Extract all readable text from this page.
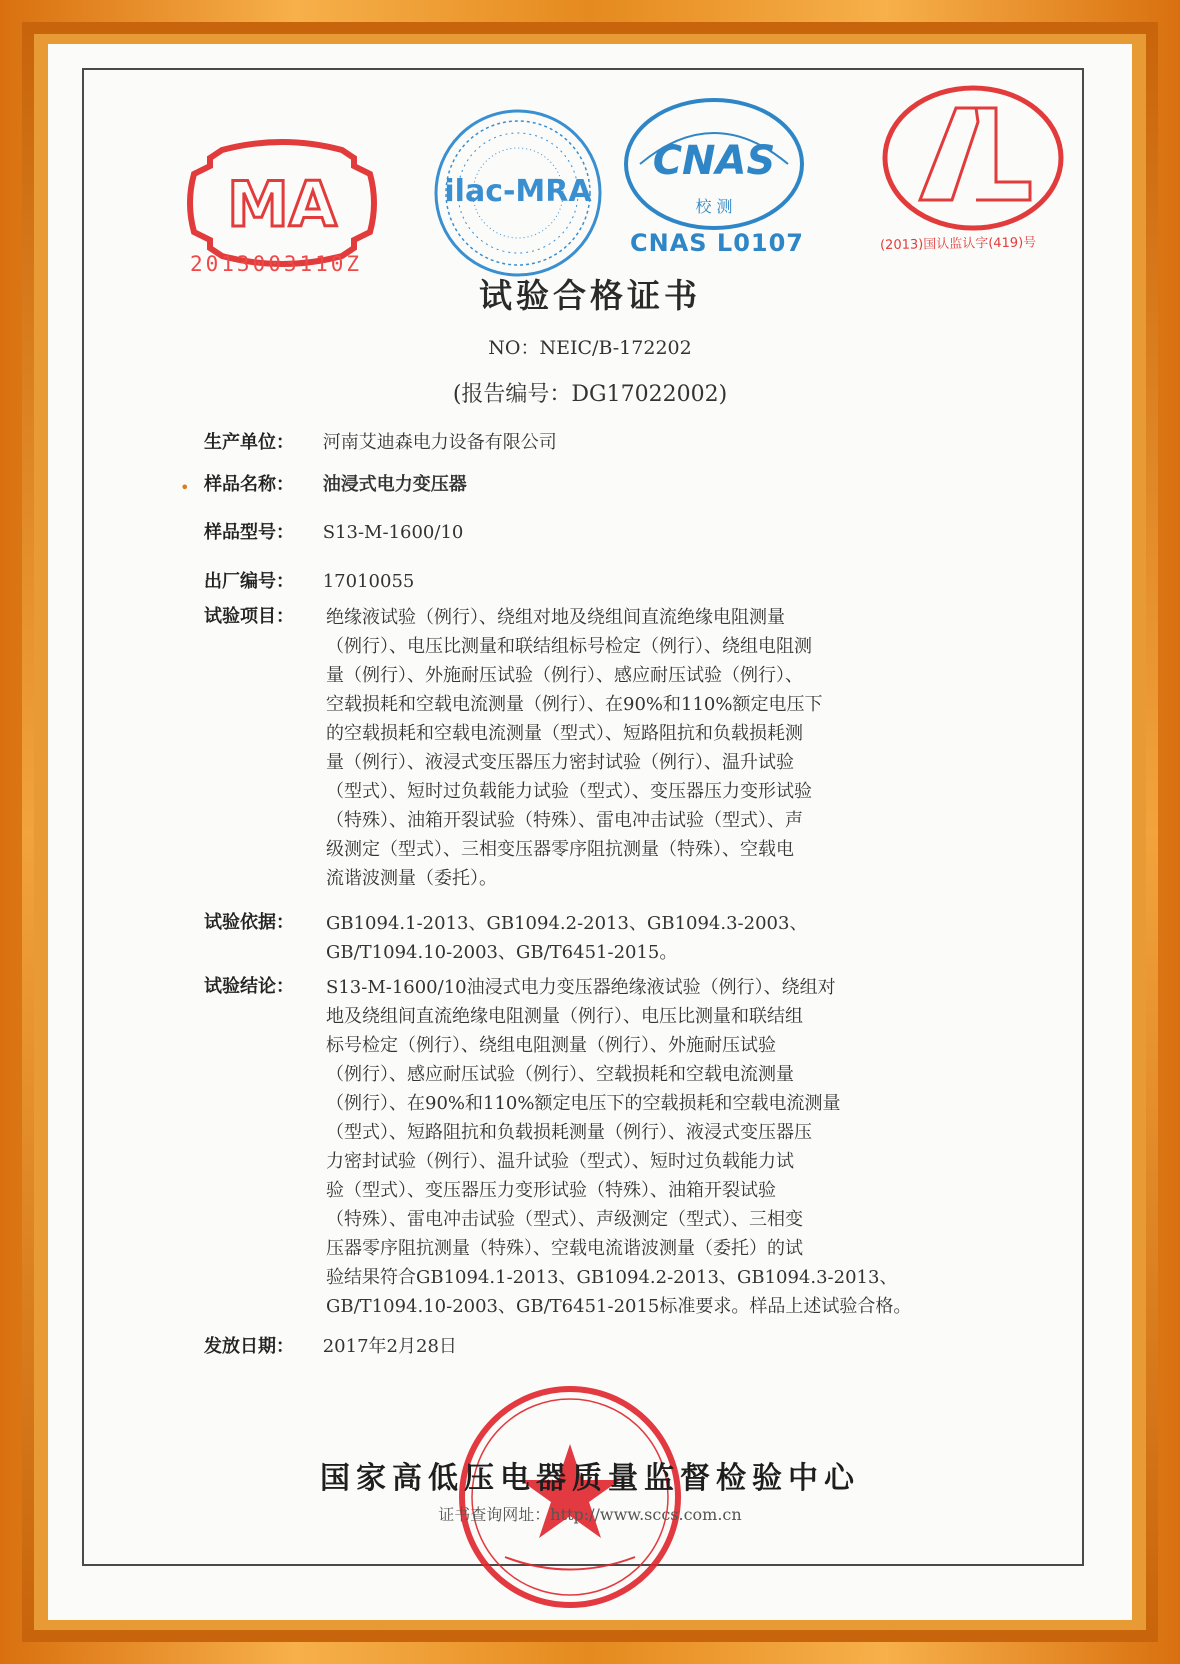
MA
2013003110Z
ilac-MRA
CNAS
校 测
CNAS L0107	(2013)国认监认字(419)号
试验合格证书
NO：NEIC/B-172202
(报告编号：DG17022002)
生产单位： 河南艾迪森电力设备有限公司
• 样品名称： 油浸式电力变压器
样品型号： S13-M-1600/10
出厂编号： 17010055
试验项目： 绝缘液试验（例行）、绕组对地及绕组间直流绝缘电阻测量
（例行）、电压比测量和联结组标号检定（例行）、绕组电阻测
量（例行）、外施耐压试验（例行）、感应耐压试验（例行）、
空载损耗和空载电流测量（例行）、在90%和110%额定电压下
的空载损耗和空载电流测量（型式）、短路阻抗和负载损耗测
量（例行）、液浸式变压器压力密封试验（例行）、温升试验
（型式）、短时过负载能力试验（型式）、变压器压力变形试验
（特殊）、油箱开裂试验（特殊）、雷电冲击试验（型式）、声
级测定（型式）、三相变压器零序阻抗测量（特殊）、空载电
流谐波测量（委托）。
试验依据： GB1094.1-2013、GB1094.2-2013、GB1094.3-2003、
GB/T1094.10-2003、GB/T6451-2015。
试验结论： S13-M-1600/10油浸式电力变压器绝缘液试验（例行）、绕组对
地及绕组间直流绝缘电阻测量（例行）、电压比测量和联结组
标号检定（例行）、绕组电阻测量（例行）、外施耐压试验
（例行）、感应耐压试验（例行）、空载损耗和空载电流测量
（例行）、在90%和110%额定电压下的空载损耗和空载电流测量
（型式）、短路阻抗和负载损耗测量（例行）、液浸式变压器压
力密封试验（例行）、温升试验（型式）、短时过负载能力试
验（型式）、变压器压力变形试验（特殊）、油箱开裂试验
（特殊）、雷电冲击试验（型式）、声级测定（型式）、三相变
压器零序阻抗测量（特殊）、空载电流谐波测量（委托）的试
验结果符合GB1094.1-2013、GB1094.2-2013、GB1094.3-2013、
GB/T1094.10-2003、GB/T6451-2015标准要求。样品上述试验合格。
发放日期： 2017年2月28日
国家高低压电器质量监督检验中心
证书查询网址：http://www.sccs.com.cn
